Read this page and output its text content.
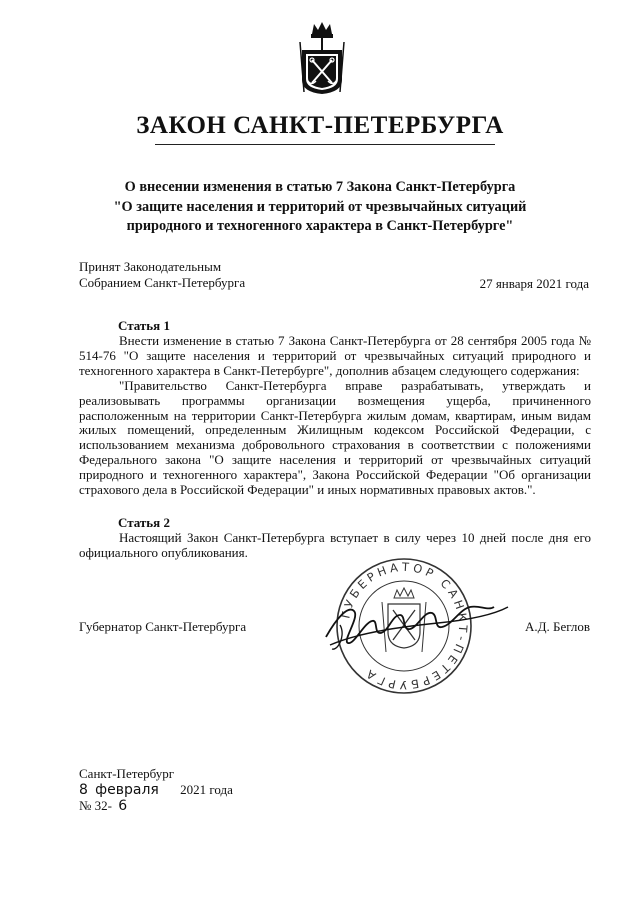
ЗАКОН САНКТ-ПЕТЕРБУРГА
О внесении изменения в статью 7 Закона Санкт-Петербурга
"О защите населения и территорий от чрезвычайных ситуаций
природного и техногенного характера в Санкт-Петербурге"
Принят Законодательным
Собранием Санкт-Петербурга	27 января 2021 года
Статья 1

Внести изменение в статью 7 Закона Санкт-Петербурга от 28 сентября 2005 года № 514-76 "О защите населения и территорий от чрезвычайных ситуаций природного и техногенного характера в Санкт-Петербурге", дополнив абзацем следующего содержания:

"Правительство Санкт-Петербурга вправе разрабатывать, утверждать и реализовывать программы организации возмещения ущерба, причиненного расположенным на территории Санкт-Петербурга жилым домам, квартирам, иным видам жилых помещений, определенным Жилищным кодексом Российской Федерации, с использованием механизма добровольного страхования в соответствии с положениями Федерального закона "О защите населения и территорий от чрезвычайных ситуаций природного и техногенного характера", Закона Российской Федерации "Об организации страхового дела в Российской Федерации" и иных нормативных правовых актов.".

Статья 2

Настоящий Закон Санкт-Петербурга вступает в силу через 10 дней после дня его официального опубликования.

Губернатор Санкт-Петербурга
ГУБЕРНАТОР САНКТ-ПЕТЕРБУРГА
А.Д. Беглов
Санкт-Петербург
8 февраля 2021 года
№ 32- 6
